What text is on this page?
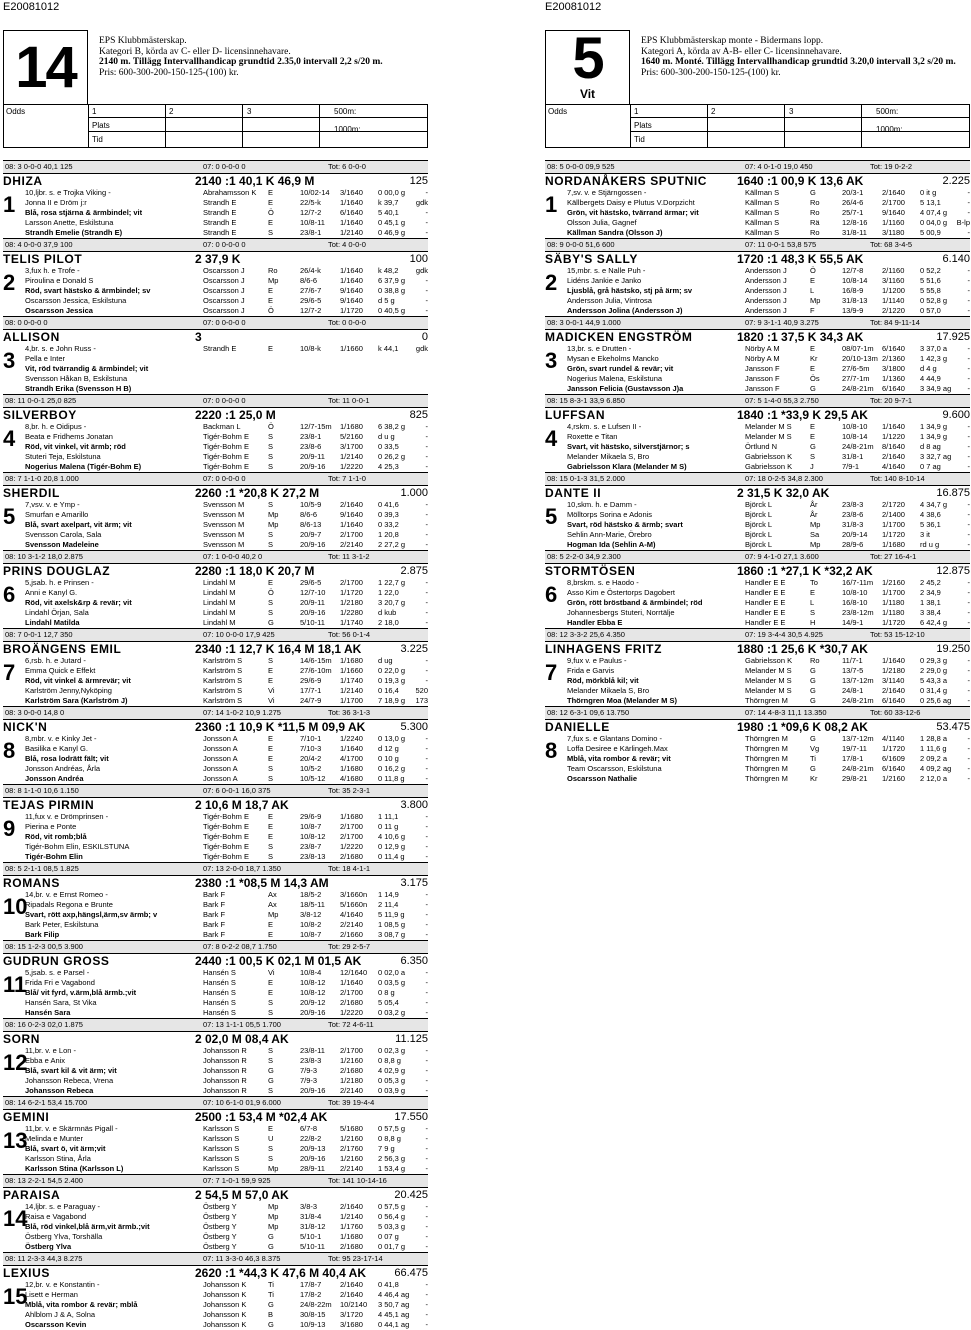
E20081012
14	EPS Klubbmästerskap.
Kategori B, körda av C- eller D- licensinnehavare.
2140 m. Tillägg Intervallhandicap grundtid 2.35,0 intervall 2,2 s/20 m.
Pris: 600-300-200-150-125-(100) kr.
Odds	1	2	3	500m:
Plats	1000m:
Tid
08: 3 0-0-0 40,1 125	07: 0 0-0-0 0	Tot: 6 0-0-0
DHIZA	2140 :1 40,1 K 46,9 M	125
1	10,ljbr. s. e Trojka Viking -	Abrahamsson K	E	10/02-14	3/1640	0 00,0 g	-
Jonna II e Dröm j:r	Strandh E	E	22/5-k	1/1640	k 39,7	gdk
Blå, rosa stjärna & ärmbindel; vit	Strandh E	Ö	12/7-2	6/1640	5 40,1	-
Larsson Anette, Eskilstuna	Strandh E	E	10/8-11	1/1640	0 45,1 g	-
Strandh Emelie (Strandh E)	Strandh E	S	23/8-1	1/2140	0 46,9 g	-
08: 4 0-0-0 37,9 100	07: 0 0-0-0 0	Tot: 4 0-0-0
TELIS PILOT	2 37,9 K	100
2	3,fux h. e Trofe -	Oscarsson J	Ro	26/4-k	1/1640	k 48,2	gdk
Piroulina e Donald S	Oscarsson J	Mp	8/6-6	1/1640	6 37,9 g	-
Röd, svart hästsko & ärmbindel; sv	Oscarsson J	E	27/6-7	9/1640	0 38,8 g	-
Oscarsson Jessica, Eskilstuna	Oscarsson J	E	29/6-5	9/1640	d 5 g	-
Oscarsson Jessica	Oscarsson J	Ö	12/7-2	1/1720	0 40,5 g	-
08: 0 0-0-0 0	07: 0 0-0-0 0	Tot: 0 0-0-0
ALLISON	3	0
3	4,br. s. e John Russ -	Strandh E	E	10/8-k	1/1660	k 44,1	gdk
Pella e Inter
Vit, röd tvärrandig & ärmbindel; vit
Svensson Håkan B, Eskilstuna
Strandh Erika (Svensson H B)
08: 11 0-0-1 25,0 825	07: 0 0-0-0 0	Tot: 11 0-0-1
SILVERBOY	2220 :1 25,0 M	825
4	8,br. h. e Oidipus -	Backman L	Ö	12/7-15m	1/1680	6 38,2 g	-
Beata e Fridhems Jonatan	Tigér-Bohm E	S	23/8-1	5/2160	d u g	-
Röd, vit vinkel, vit ärmb; röd	Tigér-Bohm E	S	23/8-6	3/1700	0 33,5	-
Stuteri Teja, Eskilstuna	Tigér-Bohm E	S	20/9-11	1/2140	0 26,2 g	-
Nogerius Malena (Tigér-Bohm E)	Tigér-Bohm E	S	20/9-16	1/2220	4 25,3	-
08: 7 1-1-0 20,8 1.000	07: 0 0-0-0 0	Tot: 7 1-1-0
SHERDIL	2260 :1 *20,8 K 27,2 M	1.000
5	7,vsv. v. e Ymp -	Svensson M	S	10/5-9	2/1640	0 41,6	-
Smurfan e Amarillo	Svensson M	Mp	8/6-6	9/1640	0 39,3	-
Blå, svart axelpart, vit ärm; vit	Svensson M	Mp	8/6-13	1/1640	0 33,2	-
Svensson Carola, Sala	Svensson M	S	20/9-7	2/1700	1 20,8	-
Svensson Madeleine	Svensson M	S	20/9-16	2/2140	2 27,2 g	-
08: 10 3-1-2 18,0 2.875	07: 1 0-0-0 40,2 0	Tot: 11 3-1-2
PRINS DOUGLAZ	2280 :1 18,0 K 20,7 M	2.875
6	5,jsab. h. e Prinsen -	Lindahl M	E	29/6-5	2/1700	1 22,7 g	-
Anni e Kanyl G.	Lindahl M	Ö	12/7-10	1/1720	1 22,0	-
Röd, vit axelsk&rp & revär; vit	Lindahl M	S	20/9-11	1/2180	3 20,7 g	-
Lindahl Örjan, Sala	Lindahl M	S	20/9-16	1/2280	d kub	-
Lindahl Matilda	Lindahl M	G	5/10-11	1/1740	2 18,0	-
08: 7 0-0-1 12,7 350	07: 10 0-0-0 17,9 425	Tot: 56 0-1-4
BROÄNGENS EMIL	2340 :1 12,7 K 16,4 M 18,1 AK	3.225
7	6,rsb. h. e Jutard -	Karlström S	S	14/6-15m	1/1680	d ug	-
Emma Quick e Effekt	Karlström S	E	27/6-10m	1/1660	0 22,0 g	-
Röd, vit vinkel & ärmrevär; vit	Karlström S	E	29/6-9	1/1740	0 19,3 g	-
Karlström Jenny,Nyköping	Karlström S	Vi	17/7-1	1/2140	0 16,4	520
Karlström Sara (Karlström J)	Karlström S	Vi	24/7-9	1/1700	7 18,9 g	173
08: 3 0-0-0 14,8 0	07: 14 1-0-2 10,9 1.275	Tot: 36 3-1-3
NICK'N	2360 :1 10,9 K *11,5 M 09,9 AK	5.300
8	8,mbr. v. e Kinky Jet -	Jonsson A	E	7/10-1	1/2240	0 13,0 g	-
Basilika e Kanyl G.	Jonsson A	E	7/10-3	1/1640	d 12 g	-
Blå, rosa lodrätt fält; vit	Jonsson A	E	20/4-2	4/1700	0 10 g	-
Jonsson Andréas, Årla	Jonsson A	S	10/5-2	1/1680	0 16,2 g	-
Jonsson Andréa	Jonsson A	S	10/5-12	4/1680	0 11,8 g	-
08: 8 1-1-0 10,6 1.150	07: 6 0-0-1 16,0 375	Tot: 35 2-3-1
TEJAS PIRMIN	2 10,6 M 18,7 AK	3.800
9	11,fux v. e Drömprinsen -	Tigér-Bohm E	E	29/6-9	1/1680	1 11,1	-
Pierina e Ponte	Tigér-Bohm E	E	10/8-7	2/1700	0 11 g	-
Röd, vit romb;blå	Tigér-Bohm E	E	10/8-12	2/1700	4 10,6 g	-
Tigér-Bohm Elin, ESKILSTUNA	Tigér-Bohm E	S	23/8-7	1/2220	0 12,9 g	-
Tigér-Bohm Elin	Tigér-Bohm E	S	23/8-13	2/1680	0 11,4 g	-
08: 5 2-1-1 08,5 1.825	07: 13 2-0-0 18,7 1.350	Tot: 18 4-1-1
ROMANS	2380 :1 *08,5 M 14,3 AM	3.175
10
14,br. v. e Ernst Romeo -	Bark F	Ax	18/5-2	3/1660n	1 14,9	-
Ripadals Regona e Brunte	Bark F	Ax	18/5-11	5/1660n	2 11,4	-
Svart, rött axp,hängsl,ärm,sv ärmb; v	Bark F	Mp	3/8-12	4/1640	5 11,9 g	-
Bark Peter, Eskilstuna	Bark F	E	10/8-2	2/2140	1 08,5 g	-
Bark Filip	Bark F	E	10/8-7	2/1660	3 08,7 g	-
08: 15 1-2-3 00,5 3.900	07: 8 0-2-2 08,7 1.750	Tot: 29 2-5-7
GUDRUN GROSS	2440 :1 00,5 K 02,1 M 01,5 AK	6.350
11
5,jsab. s. e Parsel -	Hansén S	Vi	10/8-4	12/1640	0 02,0 a	-
Frida Fri e Vagabond	Hansén S	E	10/8-12	1/1640	0 03,5 g	-
Blå/ vit fyrd, v.ärm,blå ärmb.;vit	Hansén S	E	10/8-12	2/1700	0 8 g	-
Hansén Sara, St Vika	Hansén S	S	20/9-12	2/1680	5 05,4	-
Hansén Sara	Hansén S	S	20/9-16	1/2220	0 03,2 g	-
08: 16 0-2-3 02,0 1.875	07: 13 1-1-1 05,5 1.700	Tot: 72 4-6-11
SORN	2 02,0 M 08,4 AK	11.125
12
11,br. v. e Lon -	Johansson R	S	23/8-11	2/1700	0 02,3 g	-
Ebba e Anix	Johansson R	S	23/8-3	1/2160	0 8,8 g	-
Blå, svart kil & vit ärm; vit	Johansson R	G	7/9-3	2/1680	4 02,9 g	-
Johansson Rebeca, Vrena	Johansson R	G	7/9-3	1/2180	0 05,3 g	-
Johansson Rebeca	Johansson R	S	20/9-16	2/2140	0 03,9 g	-
08: 14 6-2-1 53,4 15.700	07: 10 6-1-0 01,9 6.000	Tot: 39 19-4-4
GEMINI	2500 :1 53,4 M *02,4 AK	17.550
13
11,br. v. e Skärmnäs Pigall -	Karlsson S	E	6/7-8	5/1680	0 57,5 g	-
Melinda e Munter	Karlsson S	U	22/8-2	1/2160	0 8,8 g	-
Blå, svart ö, vit ärm;vit	Karlsson S	S	20/9-13	2/1760	7 9 g	-
Karlsson Stina, Årla	Karlsson S	S	20/9-16	1/2160	2 56,3 g	-
Karlsson Stina (Karlsson L)	Karlsson S	Mp	28/9-11	2/2140	1 53,4 g	-
08: 13 2-2-1 54,5 2.400	07: 7 1-0-1 59,9 925	Tot: 141 10-14-16
PARAISA	2 54,5 M 57,0 AK	20.425
14
14,ljbr. s. e Paraguay -	Östberg Y	Mp	3/8-3	2/1640	0 57,5 g	-
Raisa e Vagabond	Östberg Y	Mp	31/8-4	1/2140	0 56,4 g	-
Blå, röd vinkel,blå ärm,vit ärmb.;vit	Östberg Y	Mp	31/8-12	1/1760	5 03,3 g	-
Östberg Ylva, Torshälla	Östberg Y	G	5/10-1	1/1680	0 07 g	-
Östberg Ylva	Östberg Y	G	5/10-11	2/1680	0 01,7 g	-
08: 11 2-3-3 44,3 8.275	07: 11 3-3-0 46,3 8.375	Tot: 95 23-17-14
LEXIUS	2620 :1 *44,3 K 47,6 M 40,4 AK	66.475
15
12,br. v. e Konstantin -	Johansson K	Ti	17/8-7	2/1640	0 41,8	-
Lisett e Herman	Johansson K	Ti	17/8-2	2/1640	4 46,4 ag	-
Mblå, vita rombor & revär; mblå	Johansson K	G	24/8-22m	10/2140	3 50,7 ag	-
Ahlblom J & A, Solna	Johansson K	B	30/8-15	3/1720	4 45,1 ag	-
Oscarsson Kevin	Johansson K	G	10/9-13	3/1680	0 44,1 ag	-
E20081012
5
Vit
EPS Klubbmästerskap monte - Bidermans lopp.
Kategori A, körda av A-B- eller C- licensinnehavare.
1640 m. Monté. Tillägg Intervallhandicap grundtid 3.20,0 intervall 3,2 s/20 m.
Pris: 600-300-200-150-125-(100) kr.
Odds	1	2	3	500m:
Plats	1000m:
Tid
08: 5 0-0-0 09,9 525	07: 4 0-1-0 19,0 450	Tot: 19 0-2-2
NORDANÅKERS SPUTNIC 1640 :1 00,9 K 13,6 AK	2.225
1	7,sv. v. e Stjärngossen -	Källman S	G	20/3-1	2/1640	0 it g	-
Källbergets Daisy e Plutus V.Dorpzicht	Källman S	Ro	26/4-6	2/1700	5 13,1	-
Grön, vit hästsko, tvärrand ärmar; vit	Källman S	Ro	25/7-1	9/1640	4 07,4 g	-
Olsson Julia, Gagnef	Källman S	Rä	12/8-16	1/1160	0 04,0 g	B-lp
Källman Sandra (Olsson J)	Källman S	Ro	31/8-11	3/1180	5 00,9	-
08: 9 0-0-0 51,6 600	07: 11 0-0-1 53,8 575	Tot: 68 3-4-5
SÄBY'S SALLY	1720 :1 48,3 K 55,5 AK	6.140
2	15,mbr. s. e Nalle Puh -	Andersson J	Ö	12/7-8	2/1160	0 52,2	-
Lidéns Jankie e Janko	Andersson J	E	10/8-14	3/1160	5 51,6	-
Ljusblå, grå hästsko, stj på ärm; sv	Andersson J	L	16/8-9	1/1200	5 55,8	-
Andersson Julia, Vintrosa	Andersson J	Mp	31/8-13	1/1140	0 52,8 g	-
Andersson Jolina (Andersson J)	Andersson J	F	13/9-9	2/1220	0 57,0	-
08: 3 0-0-1 44,9 1.000	07: 9 3-1-1 40,9 3.275	Tot: 84 9-11-14
MADICKEN ENGSTRÖM	1820 :1 37,5 K 34,3 AK	17.925
3	13,br. s. e Drutten -	Nörby A M	E	08/07-1m	6/1640	3 37,0 a	-
Mysan e Ekeholms Mancko	Nörby A M	Kr	20/10-13m 2/1360	1 42,3 g	-
Grön, svart rundel & revär; vit	Jansson F	E	27/6-5m	3/1800	d 4 g	-
Nogerius Malena, Eskilstuna	Jansson F	Ös	27/7-1m	1/1360	4 44,9	-
Jansson Felicia (Gustavsson J)a	Jansson F	G	24/8-21m	6/1640	3 34,9 ag	-
08: 15 8-3-1 33,9 6.850	07: 5 1-4-0 55,3 2.750	Tot: 20 9-7-1
LUFFSAN	1840 :1 *33,9 K 29,5 AK	9.600
4	4,rskm. s. e Lufsen II -	Melander M S	E	10/8-10	1/1640	1 34,9 g	-
Roxette e Titan	Melander M S	E	10/8-14	1/1220	1 34,9 g	-
Svart, vit hästsko, silverstjärnor; s	Örtlund N	G	24/8-21m	8/1640	d 8 ag	-
Melander Mikaela S, Bro	Gabrielsson K	S	31/8-1	2/1640	3 32,7 ag	-
Gabrielsson Klara (Melander M S)	Gabrielsson K	J	7/9-1	4/1640	0 7 ag	-
08: 15 0-1-3 31,5 2.000	07: 18 0-2-5 34,8 2.300	Tot: 140 8-10-14
DANTE II	2 31,5 K 32,0 AK	16.875
5	10,skm. h. e Damm -	Björck L	År	23/8-3	2/1720	4 34,7 g	-
Mölltorps Sorina e Adonis	Björck L	År	23/8-6	2/1400	4 38,6	-
Svart, röd hästsko & ärmb; svart	Björck L	Mp	31/8-3	1/1700	5 36,1	-
Sehlin Ann-Marie, Örebro	Björck L	Sa	20/9-14	1/1720	3 it	-
Hogman Ida (Sehlin A-M)	Björck L	Mp	28/9-6	1/1680	rd u g	-
08: 5 2-2-0 34,9 2.300	07: 9 4-1-0 27,1 3.600	Tot: 27 16-4-1
STORMTÖSEN	1860 :1 *27,1 K *32,2 AK	12.875
6	8,brskm. s. e Haodo -	Handler E E	To	16/7-11m	1/2160	2 45,2	-
Asso Kim e Östertorps Dagobert	Handler E E	E	10/8-10	1/1700	2 34,9	-
Grön, rött bröstband & ärmbindel; röd	Handler E E	L	16/8-10	1/1180	1 38,1	-
Johannesbergs Stuteri, Norrtälje	Handler E E	S	23/8-12m	1/1180	3 38,4	-
Handler Ebba E	Handler E E	H	14/9-1	1/1720	6 42,4 g	-
08: 12 3-3-2 25,6 4.350	07: 19 3-4-4 30,5 4.925	Tot: 53 15-12-10
LINHAGENS FRITZ	1880 :1 25,6 K *30,7 AK	19.250
7	9,fux v. e Paulus -	Gabrielsson K	Ro	11/7-1	1/1640	0 29,3 g	-
Frida e Garvis	Melander M S	G	13/7-5	1/2180	2 29,0 g	-
Röd, mörkblå kil; vit	Melander M S	G	13/7-12m	3/1140	5 43,3 a	-
Melander Mikaela S, Bro	Melander M S	G	24/8-1	2/1640	0 31,4 g	-
Thörngren Moa (Melander M S)	Thörngren M	G	24/8-21m	6/1640	0 25,6 ag	-
08: 12 6-3-1 09,6 13.750	07: 14 4-8-3 11,1 13.350	Tot: 60 33-12-6
DANIELLE	1980 :1 *09,6 K 08,2 AK	53.475
8	7,fux s. e Glantans Domino -	Thörngren M	G	13/7-12m	4/1140	1 28,8 a	-
Loffa Desiree e Kärlingeh.Max	Thörngren M	Vg	19/7-11	1/1720	1 11,6 g	-
Mblå, vita rombor & revär; vit	Thörngren M	Ti	17/8-1	6/1609	2 09,2 a	-
Team Oscarsson, Eskilstuna	Thörngren M	G	24/8-21m	6/1640	4 09,2 ag	-
Oscarsson Nathalie	Thörngren M	Kr	29/8-21	1/2160	2 12,0 a	-
